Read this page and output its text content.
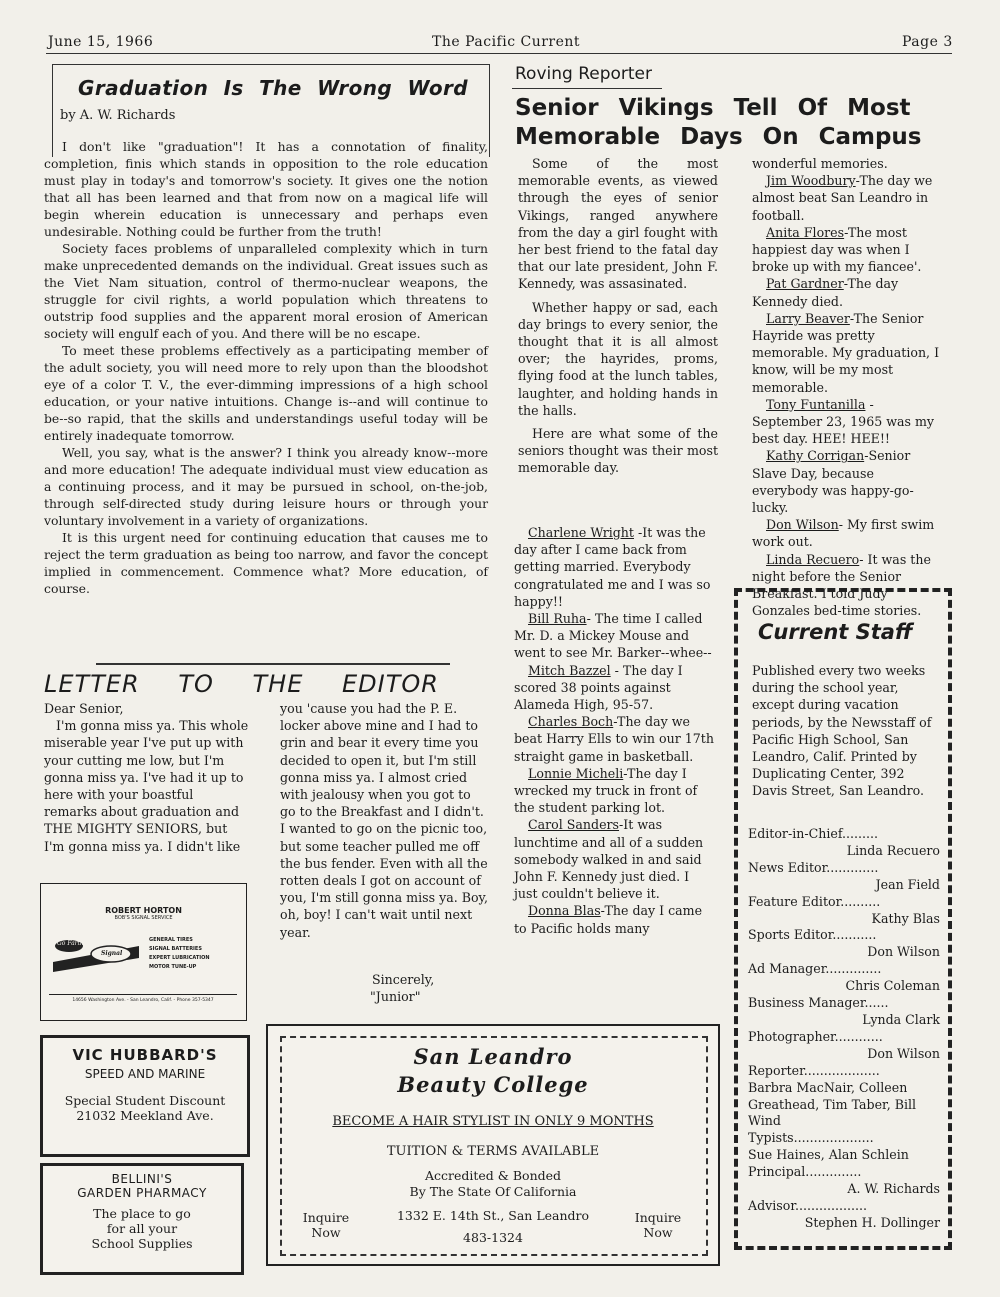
June 15, 1966	The Pacific Current	Page 3
Graduation Is The Wrong Word
by A. W. Richards

I don't like "graduation"! It has a connotation of finality, completion, finis which stands in opposition to the role education must play in today's and tomorrow's society. It gives one the notion that all has been learned and that from now on a magical life will begin wherein education is unnecessary and perhaps even undesirable. Nothing could be further from the truth!

Society faces problems of unparalleled complexity which in turn make unprecedented demands on the individual. Great issues such as the Viet Nam situation, control of thermo-nuclear weapons, the struggle for civil rights, a world population which threatens to outstrip food supplies and the apparent moral erosion of American society will engulf each of you. And there will be no escape.

To meet these problems effectively as a participating member of the adult society, you will need more to rely upon than the bloodshot eye of a color T. V., the ever-dimming impressions of a high school education, or your native intuitions. Change is--and will continue to be--so rapid, that the skills and understandings useful today will be entirely inadequate tomorrow.

Well, you say, what is the answer? I think you already know--more and more education! The adequate individual must view education as a continuing process, and it may be pursued in school, on-the-job, through self-directed study during leisure hours or through your voluntary involvement in a variety of organizations.

It is this urgent need for continuing education that causes me to reject the term graduation as being too narrow, and favor the concept implied in commencement. Commence what? More education, of course.

LETTER TO THE EDITOR
Dear Senior,
I'm gonna miss ya. This whole miserable year I've put up with your cutting me low, but I'm gonna miss ya. I've had it up to here with your boastful remarks about graduation and THE MIGHTY SENIORS, but I'm gonna miss ya. I didn't like
you 'cause you had the P. E. locker above mine and I had to grin and bear it every time you decided to open it, but I'm still gonna miss ya. I almost cried with jealousy when you got to go to the Breakfast and I didn't. I wanted to go on the picnic too, but some teacher pulled me off the bus fender. Even with all the rotten deals I got on account of you, I'm still gonna miss ya. Boy, oh, boy! I can't wait until next year.
Sincerely,
"Junior"
ROBERT HORTON
BOB'S SIGNAL SERVICE
Go Farther
Signal
GENERAL TIRES
SIGNAL BATTERIES
EXPERT LUBRICATION
MOTOR TUNE-UP
14656 Washington Ave. - San Leandro, Calif. - Phone 357-5347
VIC HUBBARD'S
SPEED AND MARINE
Special Student Discount
21032 Meekland Ave.
BELLINI'S
GARDEN PHARMACY
The place to go
for all your
School Supplies
Roving Reporter
Senior Vikings Tell Of Most Memorable Days On Campus

Some of the most memorable events, as viewed through the eyes of senior Vikings, ranged anywhere from the day a girl fought with her best friend to the fatal day that our late president, John F. Kennedy, was assasinated.

Whether happy or sad, each day brings to every senior, the thought that it is all almost over; the hayrides, proms, flying food at the lunch tables, laughter, and holding hands in the halls.

Here are what some of the seniors thought was their most memorable day.

Charlene Wright -It was the day after I came back from getting married. Everybody congratulated me and I was so happy!!

Bill Ruha- The time I called Mr. D. a Mickey Mouse and went to see Mr. Barker--whee--

Mitch Bazzel - The day I scored 38 points against Alameda High, 95-57.

Charles Boch-The day we beat Harry Ells to win our 17th straight game in basketball.

Lonnie Micheli-The day I wrecked my truck in front of the student parking lot.

Carol Sanders-It was lunchtime and all of a sudden somebody walked in and said John F. Kennedy just died. I just couldn't believe it.

Donna Blas-The day I came to Pacific holds many

wonderful memories.

Jim Woodbury-The day we almost beat San Leandro in football.

Anita Flores-The most happiest day was when I broke up with my fiancee'.

Pat Gardner-The day Kennedy died.

Larry Beaver-The Senior Hayride was pretty memorable. My graduation, I know, will be my most memorable.

Tony Funtanilla - September 23, 1965 was my best day. HEE! HEE!!

Kathy Corrigan-Senior Slave Day, because everybody was happy-go-lucky.

Don Wilson- My first swim work out.

Linda Recuero- It was the night before the Senior Breakfast. I told Judy Gonzales bed-time stories.

Current Staff
Published every two weeks during the school year, except during vacation periods, by the Newsstaff of Pacific High School, San Leandro, Calif. Printed by Duplicating Center, 392 Davis Street, San Leandro.
Editor-in-Chief.........
Linda Recuero
News Editor.............
Jean Field
Feature Editor..........
Kathy Blas
Sports Editor...........
Don Wilson
Ad Manager..............
Chris Coleman
Business Manager......
Lynda Clark
Photographer............
Don Wilson
Reporter...................
Barbra MacNair, Colleen Greathead, Tim Taber, Bill Wind
Typists....................
Sue Haines, Alan Schlein
Principal..............
A. W. Richards
Advisor..................
Stephen H. Dollinger
San Leandro
Beauty College
BECOME A HAIR STYLIST IN ONLY 9 MONTHS
TUITION & TERMS AVAILABLE
Accredited & Bonded
By The State Of California
1332 E. 14th St., San Leandro
483-1324
Inquire
Now
Inquire
Now
